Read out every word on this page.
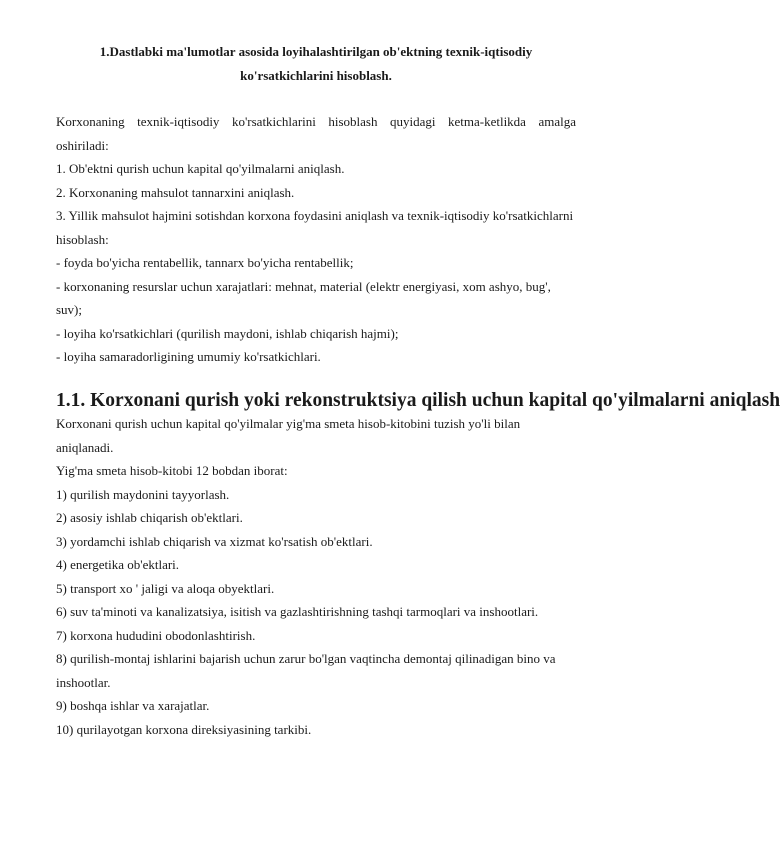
1.Dastlabki ma'lumotlar asosida loyihalashtirilgan ob'ektning texnik-iqtisodiy
ko'rsatkichlarini hisoblash.

Korxonaning texnik-iqtisodiy ko'rsatkichlarini hisoblash quyidagi ketma-ketlikda amalga oshiriladi:

1. Ob'ektni qurish uchun kapital qo'yilmalarni aniqlash.

2. Korxonaning mahsulot tannarxini aniqlash.

3. Yillik mahsulot hajmini sotishdan korxona foydasini aniqlash va texnik-iqtisodiy ko'rsatkichlarni hisoblash:

- foyda bo'yicha rentabellik, tannarx bo'yicha rentabellik;

- korxonaning resurslar uchun xarajatlari: mehnat, material (elektr energiyasi, xom ashyo, bug', suv);

- loyiha ko'rsatkichlari (qurilish maydoni, ishlab chiqarish hajmi);

- loyiha samaradorligining umumiy ko'rsatkichlari.

1.1. Korxonani qurish yoki rekonstruktsiya qilish uchun kapital qo'yilmalarni aniqlash

Korxonani qurish uchun kapital qo'yilmalar yig'ma smeta hisob-kitobini tuzish yo'li bilan aniqlanadi.

Yig'ma smeta hisob-kitobi 12 bobdan iborat:

1) qurilish maydonini tayyorlash.

2) asosiy ishlab chiqarish ob'ektlari.

3) yordamchi ishlab chiqarish va xizmat ko'rsatish ob'ektlari.

4) energetika ob'ektlari.

5) transport xo ' jaligi va aloqa obyektlari.

6) suv ta'minoti va kanalizatsiya, isitish va gazlashtirishning tashqi tarmoqlari va inshootlari.

7) korxona hududini obodonlashtirish.

8) qurilish-montaj ishlarini bajarish uchun zarur bo'lgan vaqtincha demontaj qilinadigan bino va inshootlar.

9) boshqa ishlar va xarajatlar.

10) qurilayotgan korxona direksiyasining tarkibi.
